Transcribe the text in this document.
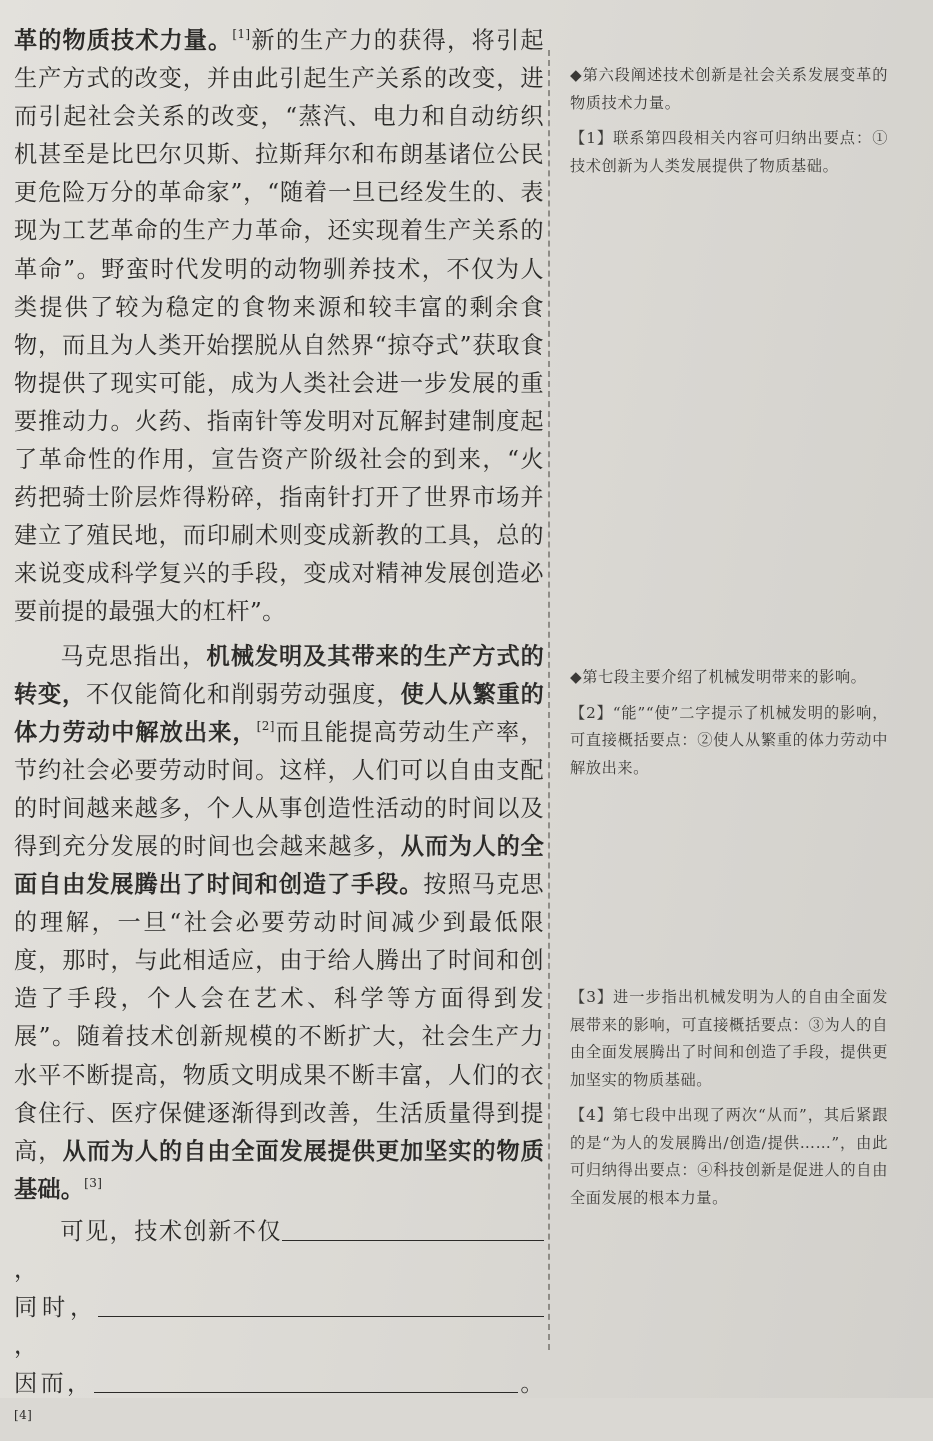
革的物质技术力量。[1]新的生产力的获得，将引起生产方式的改变，并由此引起生产关系的改变，进而引起社会关系的改变，“蒸汽、电力和自动纺织机甚至是比巴尔贝斯、拉斯拜尔和布朗基诸位公民更危险万分的革命家”，“随着一旦已经发生的、表现为工艺革命的生产力革命，还实现着生产关系的革命”。野蛮时代发明的动物驯养技术，不仅为人类提供了较为稳定的食物来源和较丰富的剩余食物，而且为人类开始摆脱从自然界“掠夺式”获取食物提供了现实可能，成为人类社会进一步发展的重要推动力。火药、指南针等发明对瓦解封建制度起了革命性的作用，宣告资产阶级社会的到来，“火药把骑士阶层炸得粉碎，指南针打开了世界市场并建立了殖民地，而印刷术则变成新教的工具，总的来说变成科学复兴的手段，变成对精神发展创造必要前提的最强大的杠杆”。

马克思指出，机械发明及其带来的生产方式的转变，不仅能简化和削弱劳动强度，使人从繁重的体力劳动中解放出来，[2]而且能提高劳动生产率，节约社会必要劳动时间。这样，人们可以自由支配的时间越来越多，个人从事创造性活动的时间以及得到充分发展的时间也会越来越多，从而为人的全面自由发展腾出了时间和创造了手段。按照马克思的理解，一旦“社会必要劳动时间减少到最低限度，那时，与此相适应，由于给人腾出了时间和创造了手段，个人会在艺术、科学等方面得到发展”。随着技术创新规模的不断扩大，社会生产力水平不断提高，物质文明成果不断丰富，人们的衣食住行、医疗保健逐渐得到改善，生活质量得到提高，从而为人的自由全面发展提供更加坚实的物质基础。[3]

可见，技术创新不仅，

同时，，

因而，	。[4]

◆第六段阐述技术创新是社会关系发展变革的物质技术力量。

【1】联系第四段相关内容可归纳出要点：①技术创新为人类发展提供了物质基础。

◆第七段主要介绍了机械发明带来的影响。

【2】“能”“使”二字提示了机械发明的影响，可直接概括要点：②使人从繁重的体力劳动中解放出来。

【3】进一步指出机械发明为人的自由全面发展带来的影响，可直接概括要点：③为人的自由全面发展腾出了时间和创造了手段，提供更加坚实的物质基础。

【4】第七段中出现了两次“从而”，其后紧跟的是“为人的发展腾出/创造/提供……”，由此可归纳得出要点：④科技创新是促进人的自由全面发展的根本力量。
